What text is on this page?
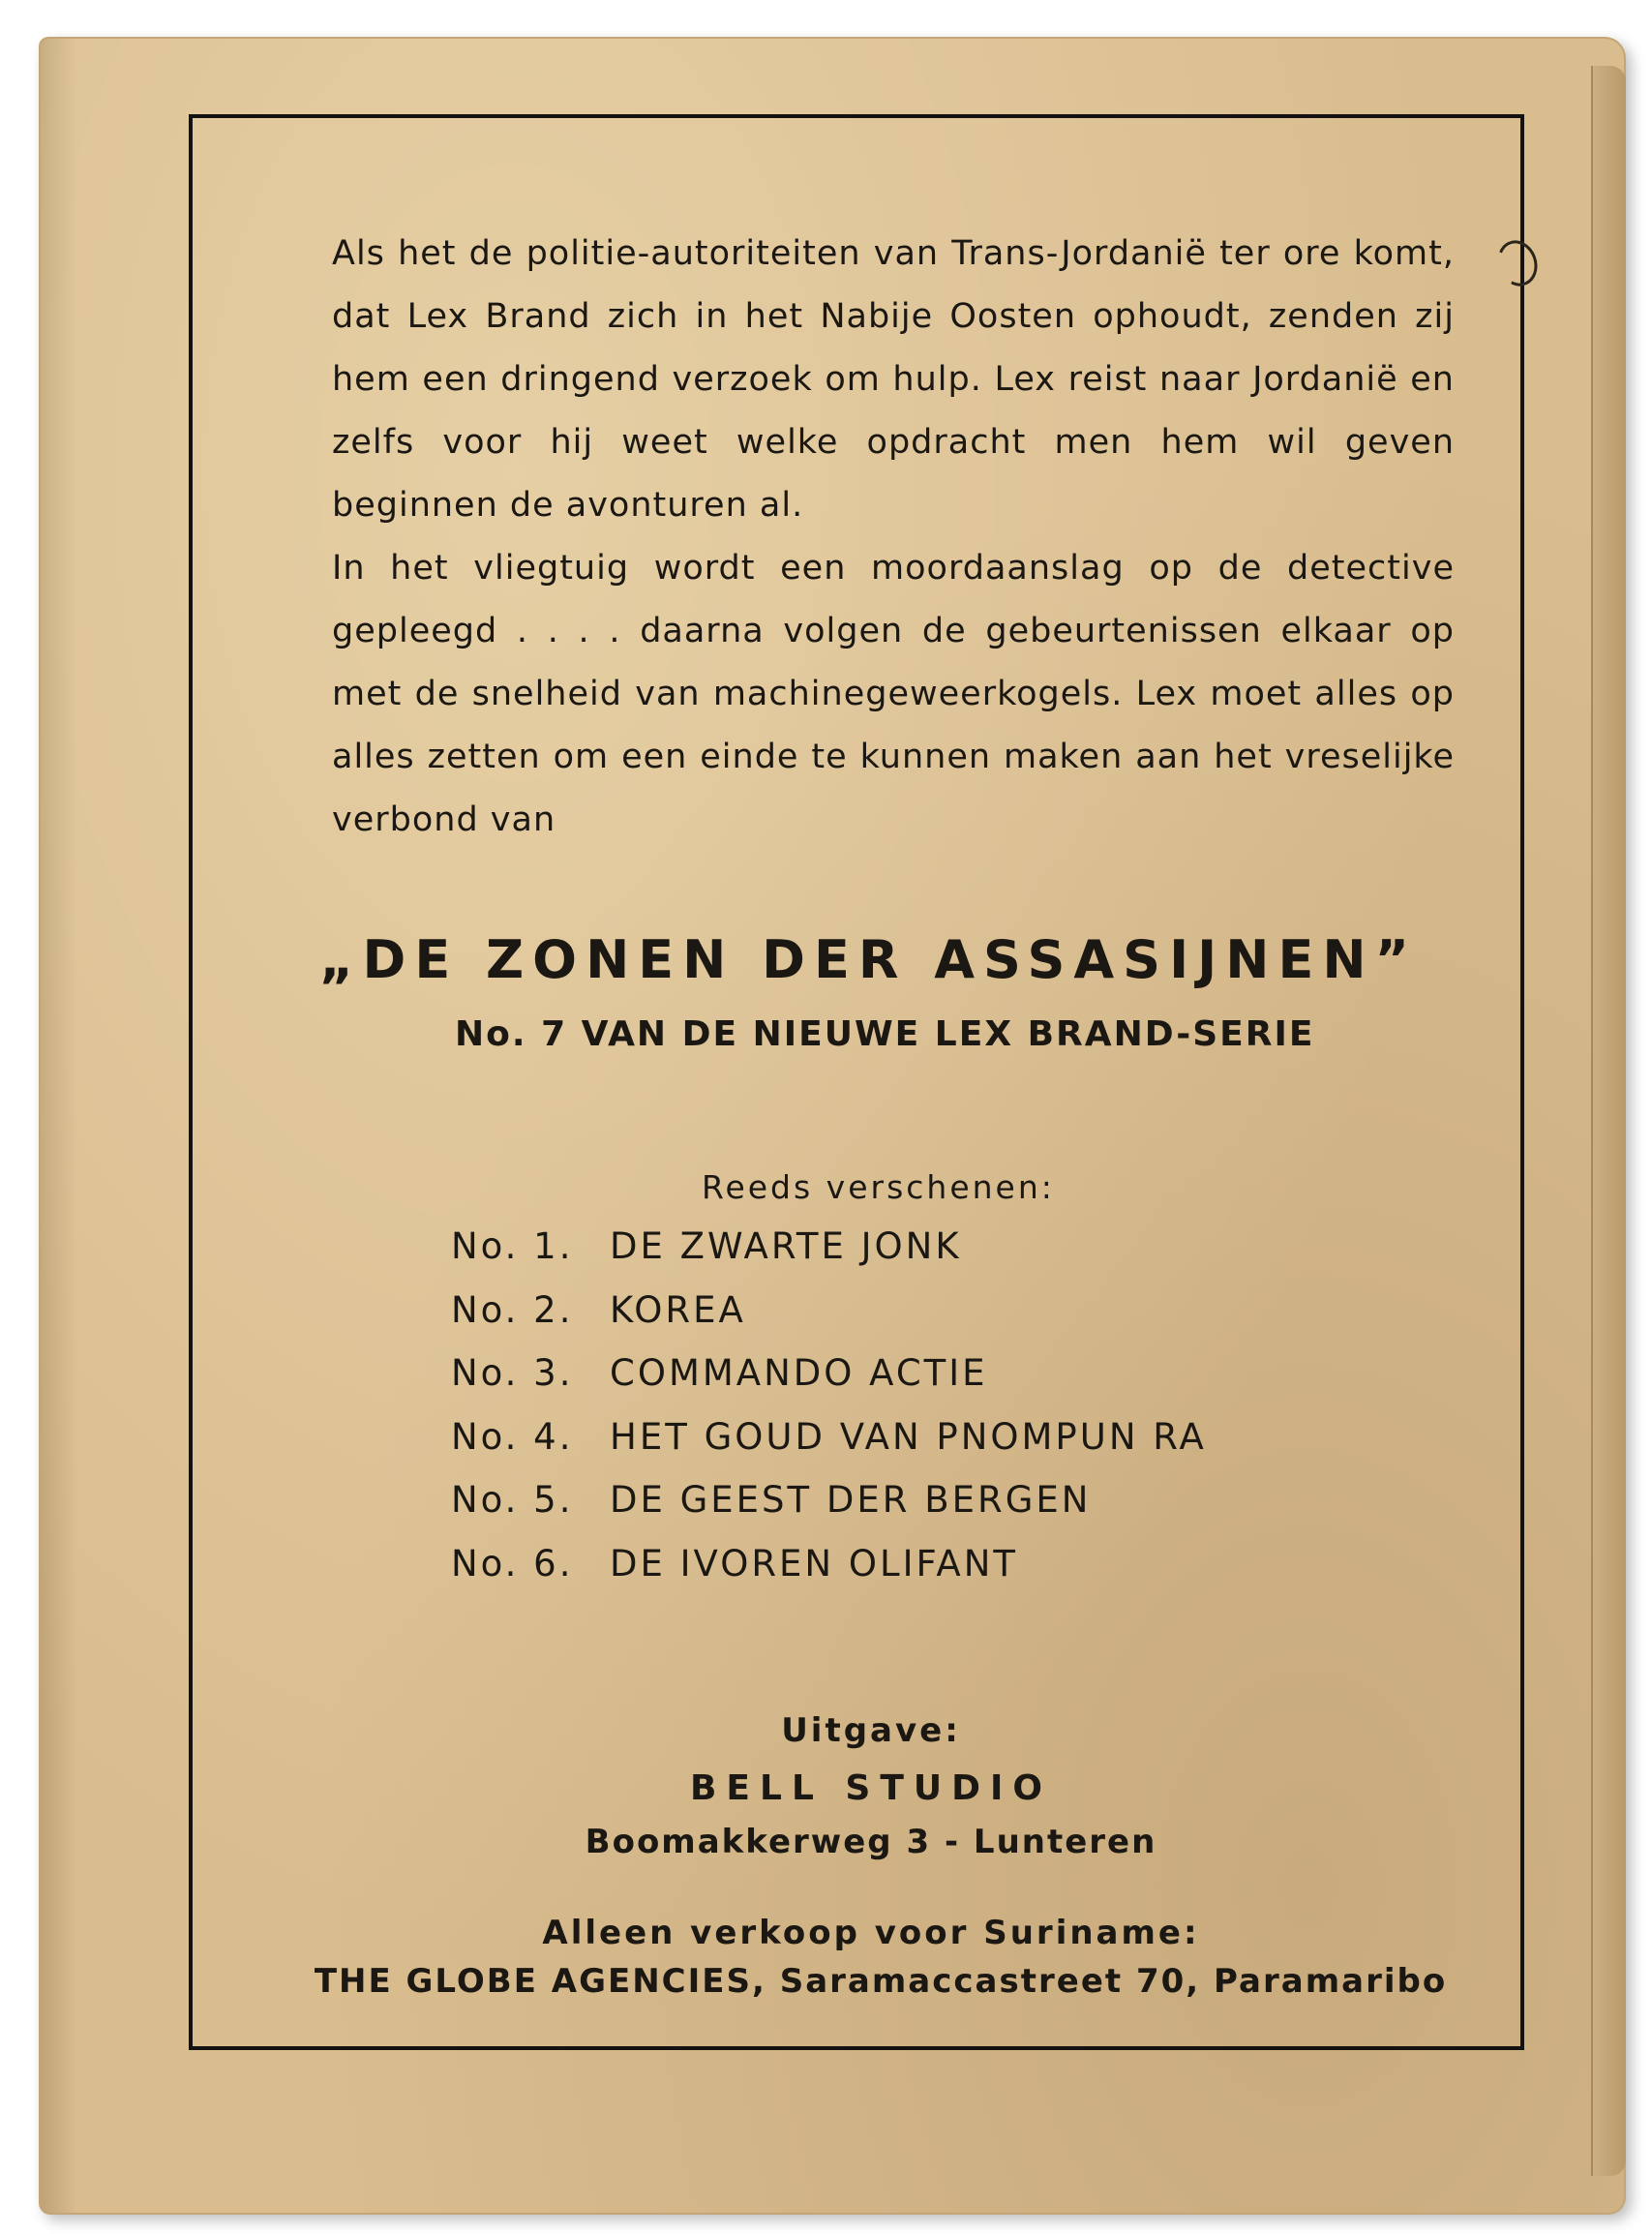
Als het de politie-autoriteiten van Trans-Jordanië ter ore komt, dat Lex Brand zich in het Nabije Oosten ophoudt, zenden zij hem een dringend verzoek om hulp. Lex reist naar Jordanië en zelfs voor hij weet welke opdracht men hem wil geven beginnen de avonturen al.

In het vliegtuig wordt een moordaanslag op de detective gepleegd . . . . daarna volgen de gebeurtenissen elkaar op met de snelheid van machinegeweerkogels. Lex moet alles op alles zetten om een einde te kunnen maken aan het vreselijke verbond van

„DE ZONEN DER ASSASIJNEN”
No. 7 VAN DE NIEUWE LEX BRAND-SERIE
Reeds verschenen:
No. 1. DE ZWARTE JONK
No. 2. KOREA
No. 3. COMMANDO ACTIE
No. 4. HET GOUD VAN PNOMPUN RA
No. 5. DE GEEST DER BERGEN
No. 6. DE IVOREN OLIFANT
Uitgave:
BELL STUDIO
Boomakkerweg 3 - Lunteren
Alleen verkoop voor Suriname:
THE GLOBE AGENCIES, Saramaccastreet 70, Paramaribo
